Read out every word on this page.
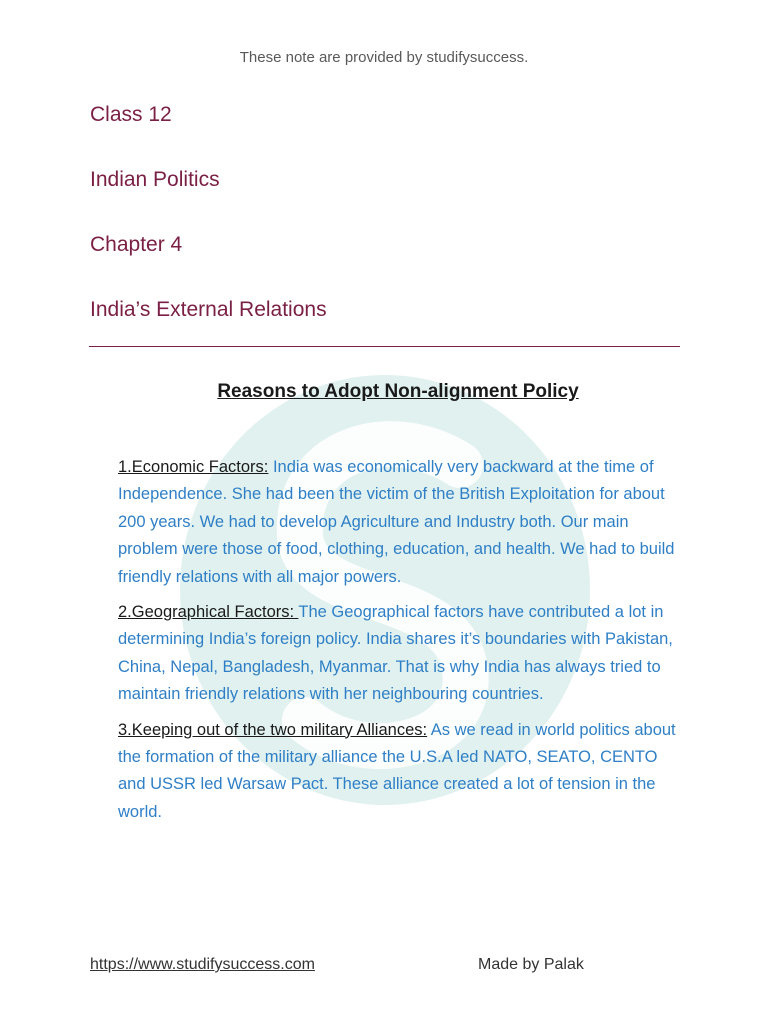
These note are provided by studifysuccess.
Class 12
Indian Politics
Chapter 4
India’s External Relations
Reasons to Adopt Non-alignment Policy

1.Economic Factors: India was economically very backward at the time of Independence. She had been the victim of the British Exploitation for about 200 years. We had to develop Agriculture and Industry both. Our main problem were those of food, clothing, education, and health. We had to build friendly relations with all major powers.

2.Geographical Factors: The Geographical factors have contributed a lot in determining India’s foreign policy. India shares it’s boundaries with Pakistan, China, Nepal, Bangladesh, Myanmar. That is why India has always tried to maintain friendly relations with her neighbouring countries.

3.Keeping out of the two military Alliances: As we read in world politics about the formation of the military alliance the U.S.A led NATO, SEATO, CENTO and USSR led Warsaw Pact. These alliance created a lot of tension in the world.

https://www.studifysuccess.com	Made by Palak
